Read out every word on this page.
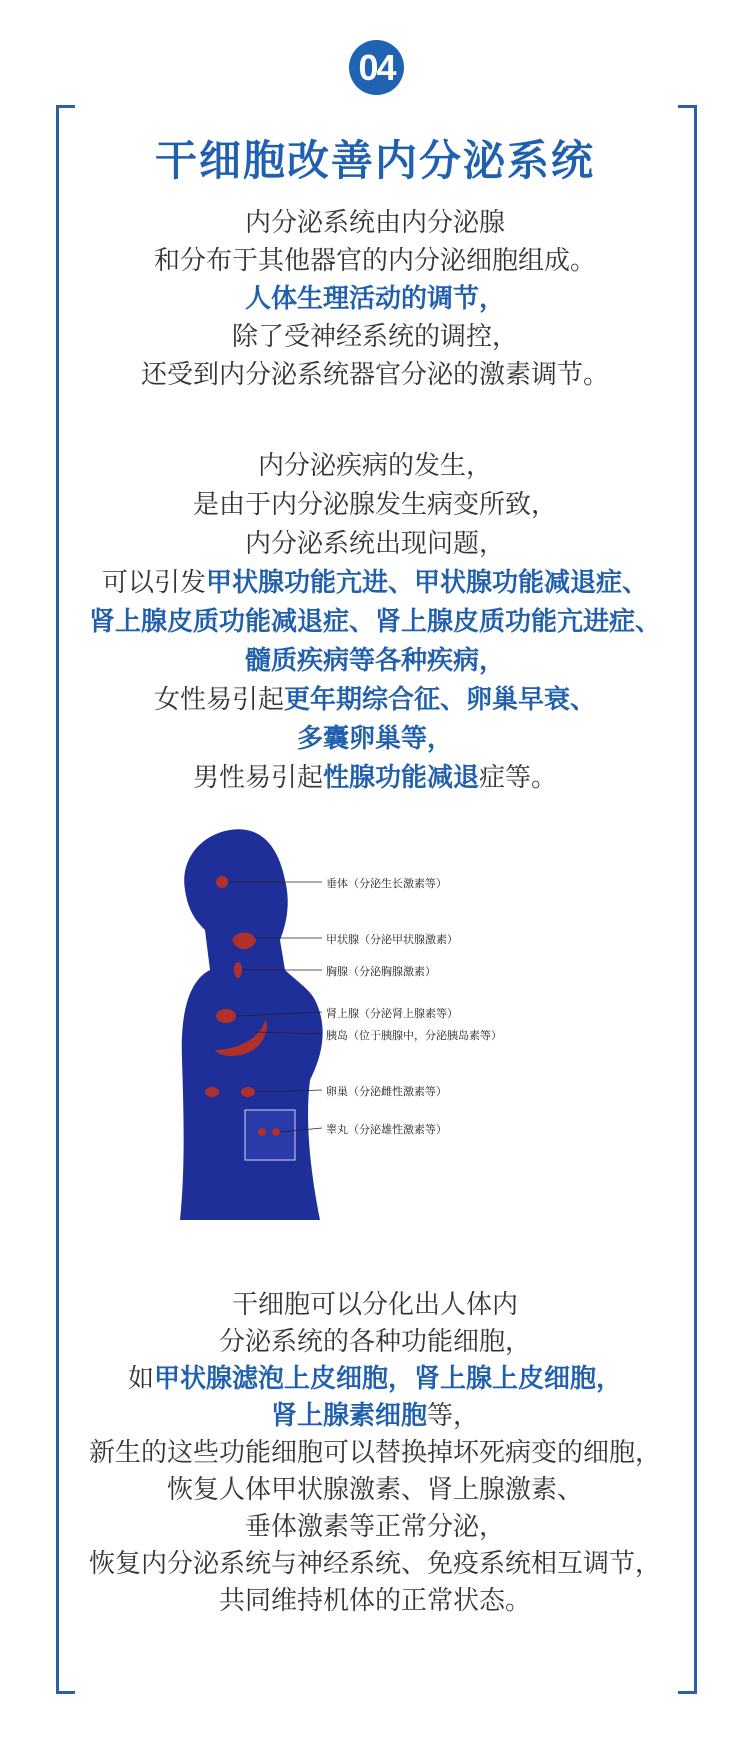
04
干细胞改善内分泌系统
内分泌系统由内分泌腺
和分布于其他器官的内分泌细胞组成。
人体生理活动的调节，
除了受神经系统的调控，
还受到内分泌系统器官分泌的激素调节。
内分泌疾病的发生，
是由于内分泌腺发生病变所致，
内分泌系统出现问题，
可以引发甲状腺功能亢进、甲状腺功能减退症、
肾上腺皮质功能减退症、肾上腺皮质功能亢进症、
髓质疾病等各种疾病，
女性易引起更年期综合征、卵巢早衰、
多囊卵巢等，
男性易引起性腺功能减退症等。
垂体（分泌生长激素等）
甲状腺（分泌甲状腺激素）
胸腺（分泌胸腺激素）
肾上腺（分泌肾上腺素等）
胰岛（位于胰腺中，分泌胰岛素等）
卵巢（分泌雌性激素等）
睾丸（分泌雄性激素等）
干细胞可以分化出人体内
分泌系统的各种功能细胞，
如甲状腺滤泡上皮细胞，肾上腺上皮细胞，
肾上腺素细胞等，
新生的这些功能细胞可以替换掉坏死病变的细胞，
恢复人体甲状腺激素、肾上腺激素、
垂体激素等正常分泌，
恢复内分泌系统与神经系统、免疫系统相互调节，
共同维持机体的正常状态。
